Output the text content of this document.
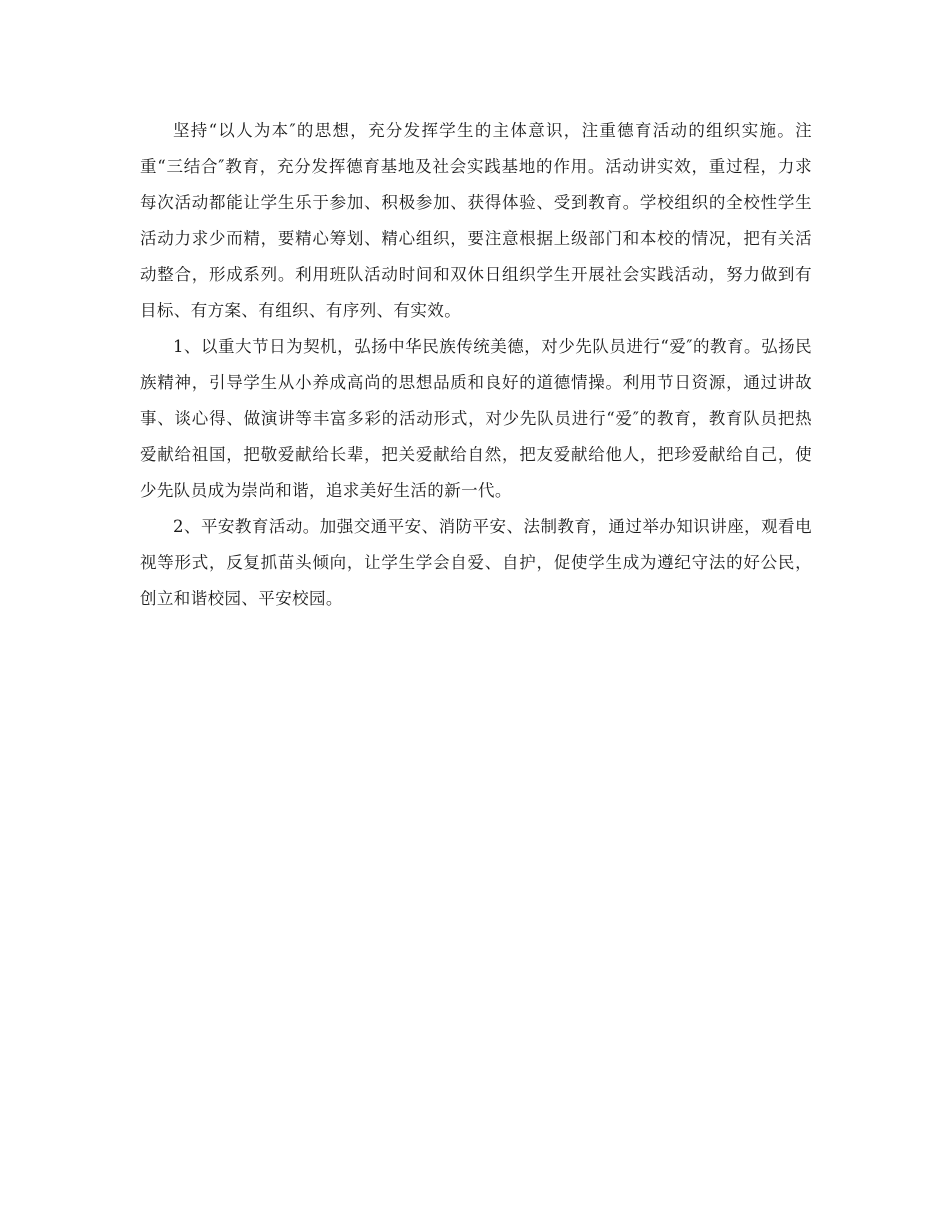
坚持“以人为本″的思想，充分发挥学生的主体意识，注重德育活动的组织实施。注重“三结合″教育，充分发挥德育基地及社会实践基地的作用。活动讲实效，重过程，力求每次活动都能让学生乐于参加、积极参加、获得体验、受到教育。学校组织的全校性学生活动力求少而精，要精心筹划、精心组织，要注意根据上级部门和本校的情况，把有关活动整合，形成系列。利用班队活动时间和双休日组织学生开展社会实践活动，努力做到有目标、有方案、有组织、有序列、有实效。

1、以重大节日为契机，弘扬中华民族传统美德，对少先队员进行“爱″的教育。弘扬民族精神，引导学生从小养成高尚的思想品质和良好的道德情操。利用节日资源，通过讲故事、谈心得、做演讲等丰富多彩的活动形式，对少先队员进行“爱″的教育，教育队员把热爱献给祖国，把敬爱献给长辈，把关爱献给自然，把友爱献给他人，把珍爱献给自己，使少先队员成为崇尚和谐，追求美好生活的新一代。

2、平安教育活动。加强交通平安、消防平安、法制教育，通过举办知识讲座，观看电视等形式，反复抓苗头倾向，让学生学会自爱、自护，促使学生成为遵纪守法的好公民，创立和谐校园、平安校园。
